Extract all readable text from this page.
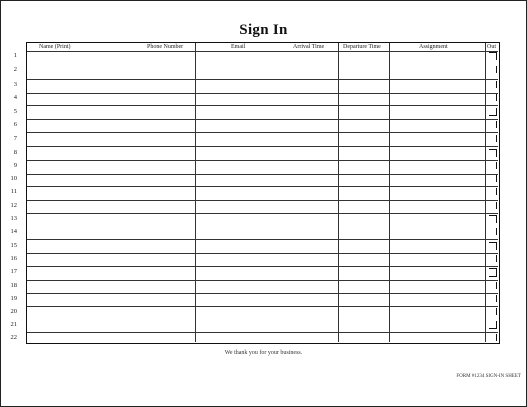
Sign In
Name (Print)	Phone Number	Email	Arrival Time	Departure Time	Assignment	Out
1
2
3
4
5
6
7
8
9
10
11
12
13
14
15
16
17
18
19
20
21
22
We thank you for your business.
FORM #1234 SIGN-IN SHEET
